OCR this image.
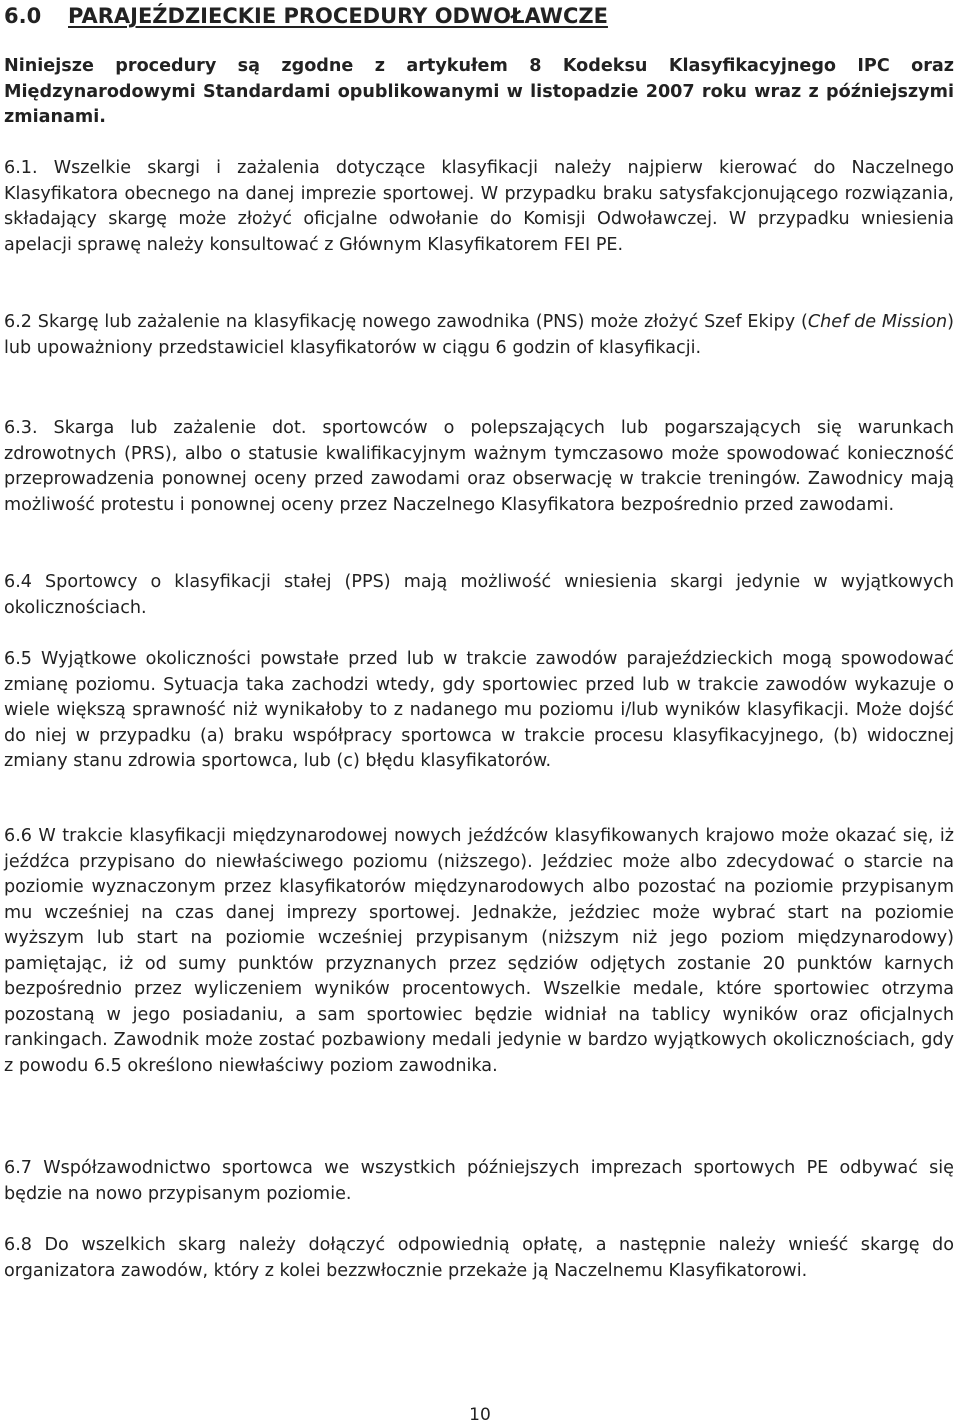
6.0 PARAJEŹDZIECKIE PROCEDURY ODWOŁAWCZE

Niniejsze procedury są zgodne z artykułem 8 Kodeksu Klasyfikacyjnego IPC oraz Międzynarodowymi Standardami opublikowanymi w listopadzie 2007 roku wraz z późniejszymi zmianami.

6.1. Wszelkie skargi i zażalenia dotyczące klasyfikacji należy najpierw kierować do Naczelnego Klasyfikatora obecnego na danej imprezie sportowej. W przypadku braku satysfakcjonującego rozwiązania, składający skargę może złożyć oficjalne odwołanie do Komisji Odwoławczej. W przypadku wniesienia apelacji sprawę należy konsultować z Głównym Klasyfikatorem FEI PE.

6.2 Skargę lub zażalenie na klasyfikację nowego zawodnika (PNS) może złożyć Szef Ekipy (Chef de Mission) lub upoważniony przedstawiciel klasyfikatorów w ciągu 6 godzin of klasyfikacji.

6.3. Skarga lub zażalenie dot. sportowców o polepszających lub pogarszających się warunkach zdrowotnych (PRS), albo o statusie kwalifikacyjnym ważnym tymczasowo może spowodować konieczność przeprowadzenia ponownej oceny przed zawodami oraz obserwację w trakcie treningów. Zawodnicy mają możliwość protestu i ponownej oceny przez Naczelnego Klasyfikatora bezpośrednio przed zawodami.

6.4 Sportowcy o klasyfikacji stałej (PPS) mają możliwość wniesienia skargi jedynie w wyjątkowych okolicznościach.

6.5 Wyjątkowe okoliczności powstałe przed lub w trakcie zawodów parajeździeckich mogą spowodować zmianę poziomu. Sytuacja taka zachodzi wtedy, gdy sportowiec przed lub w trakcie zawodów wykazuje o wiele większą sprawność niż wynikałoby to z nadanego mu poziomu i/lub wyników klasyfikacji. Może dojść do niej w przypadku (a) braku współpracy sportowca w trakcie procesu klasyfikacyjnego, (b) widocznej zmiany stanu zdrowia sportowca, lub (c) błędu klasyfikatorów.

6.6 W trakcie klasyfikacji międzynarodowej nowych jeźdźców klasyfikowanych krajowo może okazać się, iż jeźdźca przypisano do niewłaściwego poziomu (niższego). Jeździec może albo zdecydować o starcie na poziomie wyznaczonym przez klasyfikatorów międzynarodowych albo pozostać na poziomie przypisanym mu wcześniej na czas danej imprezy sportowej. Jednakże, jeździec może wybrać start na poziomie wyższym lub start na poziomie wcześniej przypisanym (niższym niż jego poziom międzynarodowy) pamiętając, iż od sumy punktów przyznanych przez sędziów odjętych zostanie 20 punktów karnych bezpośrednio przez wyliczeniem wyników procentowych. Wszelkie medale, które sportowiec otrzyma pozostaną w jego posiadaniu, a sam sportowiec będzie widniał na tablicy wyników oraz oficjalnych rankingach. Zawodnik może zostać pozbawiony medali jedynie w bardzo wyjątkowych okolicznościach, gdy z powodu 6.5 określono niewłaściwy poziom zawodnika.

6.7 Współzawodnictwo sportowca we wszystkich późniejszych imprezach sportowych PE odbywać się będzie na nowo przypisanym poziomie.

6.8 Do wszelkich skarg należy dołączyć odpowiednią opłatę, a następnie należy wnieść skargę do organizatora zawodów, który z kolei bezzwłocznie przekaże ją Naczelnemu Klasyfikatorowi.

10
